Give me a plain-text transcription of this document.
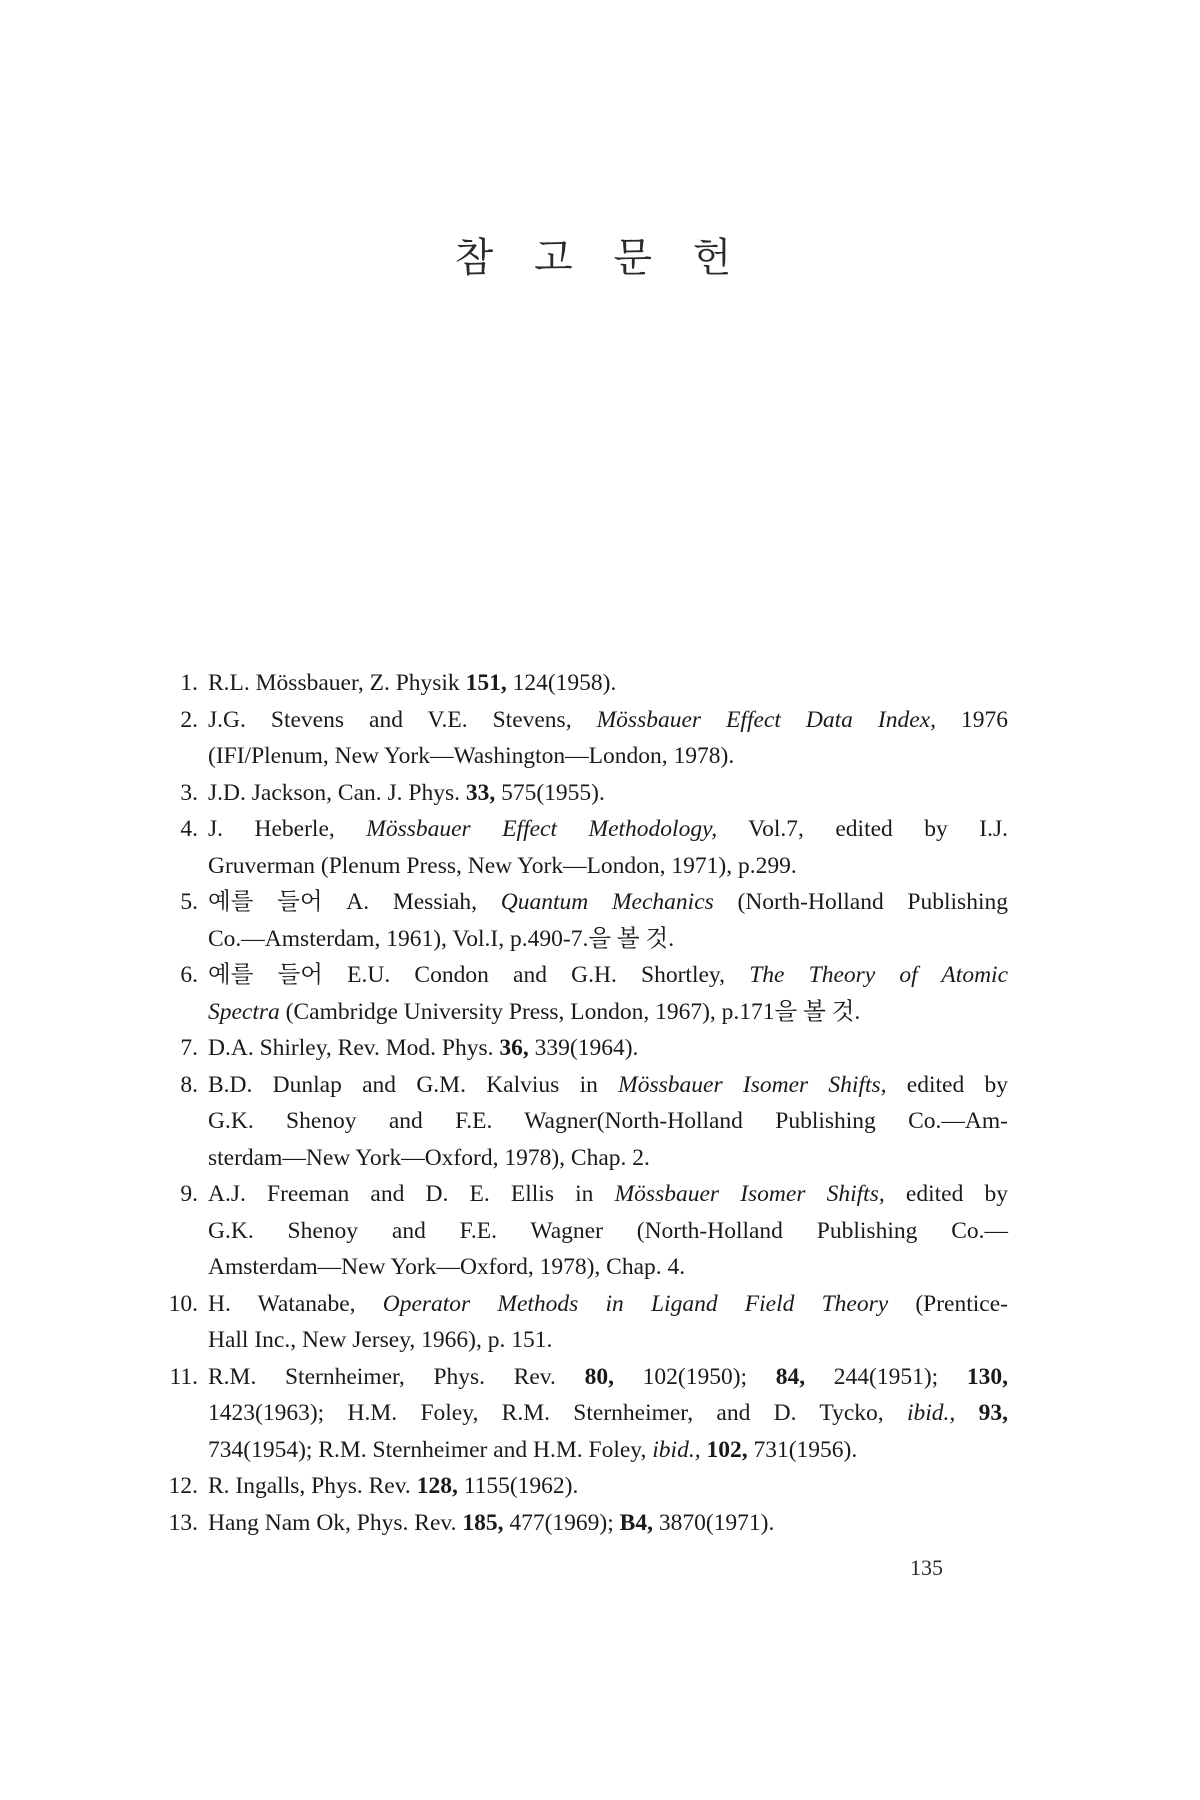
참 고 문 헌
1. R.L. Mössbauer, Z. Physik 151, 124(1958).
2. J.G. Stevens and V.E. Stevens, Mössbauer Effect Data Index, 1976
(IFI/Plenum, New York—Washington—London, 1978).
3. J.D. Jackson, Can. J. Phys. 33, 575(1955).
4. J. Heberle, Mössbauer Effect Methodology, Vol.7, edited by I.J.
Gruverman (Plenum Press, New York—London, 1971), p.299.
5. 예를 들어 A. Messiah, Quantum Mechanics (North-Holland Publishing
Co.—Amsterdam, 1961), Vol.I, p.490-7.을 볼 것.
6. 예를 들어 E.U. Condon and G.H. Shortley, The Theory of Atomic
Spectra (Cambridge University Press, London, 1967), p.171을 볼 것.
7. D.A. Shirley, Rev. Mod. Phys. 36, 339(1964).
8. B.D. Dunlap and G.M. Kalvius in Mössbauer Isomer Shifts, edited by
G.K. Shenoy and F.E. Wagner(North-Holland Publishing Co.—Am-
sterdam—New York—Oxford, 1978), Chap. 2.
9. A.J. Freeman and D. E. Ellis in Mössbauer Isomer Shifts, edited by
G.K. Shenoy and F.E. Wagner (North-Holland Publishing Co.—
Amsterdam—New York—Oxford, 1978), Chap. 4.
10. H. Watanabe, Operator Methods in Ligand Field Theory (Prentice-
Hall Inc., New Jersey, 1966), p. 151.
11. R.M. Sternheimer, Phys. Rev. 80, 102(1950); 84, 244(1951); 130,
1423(1963); H.M. Foley, R.M. Sternheimer, and D. Tycko, ibid., 93,
734(1954); R.M. Sternheimer and H.M. Foley, ibid., 102, 731(1956).
12. R. Ingalls, Phys. Rev. 128, 1155(1962).
13. Hang Nam Ok, Phys. Rev. 185, 477(1969); B4, 3870(1971).
135
